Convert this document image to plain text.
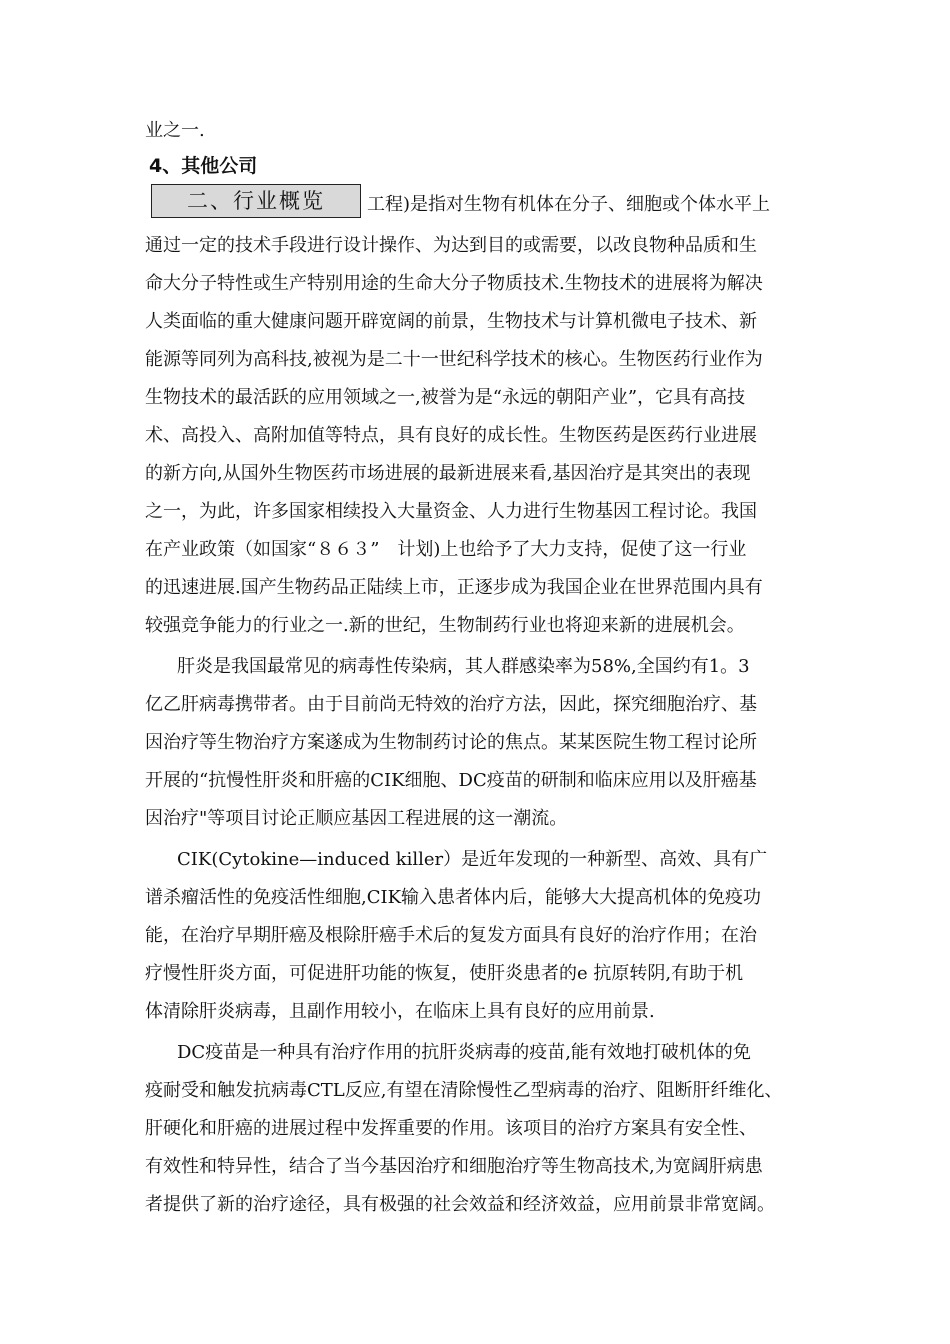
业之一.
4、其他公司
二、行业概览	工程)是指对生物有机体在分子、细胞或个体水平上
通过一定的技术手段进行设计操作、为达到目的或需要，以改良物种品质和生
命大分子特性或生产特别用途的生命大分子物质技术.生物技术的进展将为解决
人类面临的重大健康问题开辟宽阔的前景，生物技术与计算机微电子技术、新
能源等同列为高科技,被视为是二十一世纪科学技术的核心。生物医药行业作为
生物技术的最活跃的应用领域之一,被誉为是“永远的朝阳产业”，它具有高技
术、高投入、高附加值等特点，具有良好的成长性。生物医药是医药行业进展
的新方向,从国外生物医药市场进展的最新进展来看,基因治疗是其突出的表现
之一，为此，许多国家相续投入大量资金、人力进行生物基因工程讨论。我国
在产业政策（如国家“８６３”　计划)上也给予了大力支持，促使了这一行业
的迅速进展.国产生物药品正陆续上市，正逐步成为我国企业在世界范围内具有
较强竞争能力的行业之一.新的世纪，生物制药行业也将迎来新的进展机会。
肝炎是我国最常见的病毒性传染病，其人群感染率为58%,全国约有1。3
亿乙肝病毒携带者。由于目前尚无特效的治疗方法，因此，探究细胞治疗、基
因治疗等生物治疗方案遂成为生物制药讨论的焦点。某某医院生物工程讨论所
开展的“抗慢性肝炎和肝癌的CIK细胞、DC疫苗的研制和临床应用以及肝癌基
因治疗"等项目讨论正顺应基因工程进展的这一潮流。
CIK(Cytokine—induced killer）是近年发现的一种新型、高效、具有广
谱杀瘤活性的免疫活性细胞,CIK输入患者体内后，能够大大提高机体的免疫功
能，在治疗早期肝癌及根除肝癌手术后的复发方面具有良好的治疗作用；在治
疗慢性肝炎方面，可促进肝功能的恢复，使肝炎患者的e 抗原转阴,有助于机
体清除肝炎病毒，且副作用较小，在临床上具有良好的应用前景.
DC疫苗是一种具有治疗作用的抗肝炎病毒的疫苗,能有效地打破机体的免
疫耐受和触发抗病毒CTL反应,有望在清除慢性乙型病毒的治疗、阻断肝纤维化、
肝硬化和肝癌的进展过程中发挥重要的作用。该项目的治疗方案具有安全性、
有效性和特异性，结合了当今基因治疗和细胞治疗等生物高技术,为宽阔肝病患
者提供了新的治疗途径，具有极强的社会效益和经济效益，应用前景非常宽阔。
